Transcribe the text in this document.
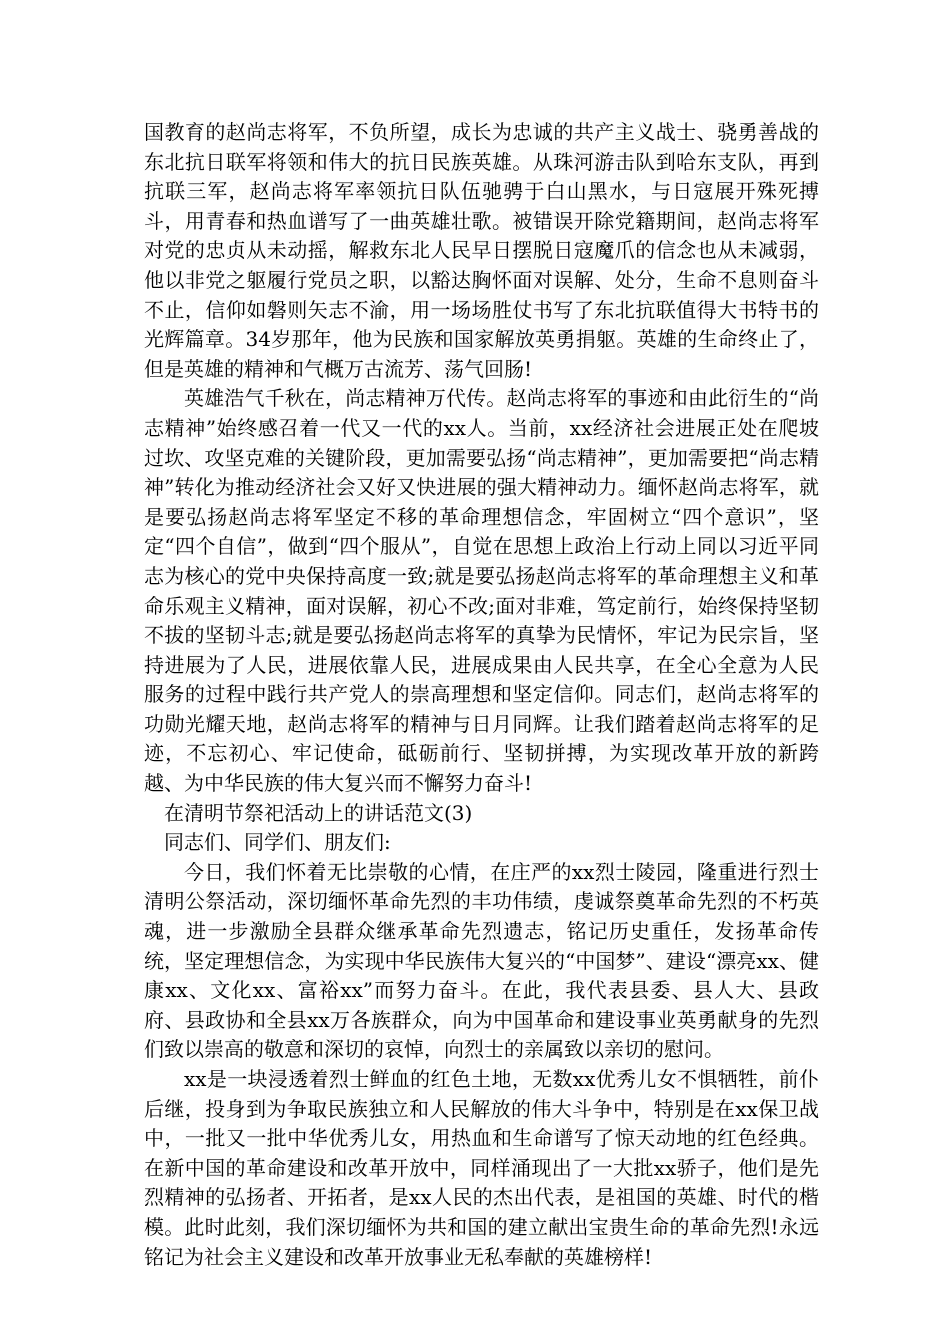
国教育的赵尚志将军，不负所望，成长为忠诚的共产主义战士、骁勇善战的东北抗日联军将领和伟大的抗日民族英雄。从珠河游击队到哈东支队，再到抗联三军，赵尚志将军率领抗日队伍驰骋于白山黑水，与日寇展开殊死搏斗，用青春和热血谱写了一曲英雄壮歌。被错误开除党籍期间，赵尚志将军对党的忠贞从未动摇，解救东北人民早日摆脱日寇魔爪的信念也从未减弱，他以非党之躯履行党员之职，以豁达胸怀面对误解、处分，生命不息则奋斗不止，信仰如磐则矢志不渝，用一场场胜仗书写了东北抗联值得大书特书的光辉篇章。34岁那年，他为民族和国家解放英勇捐躯。英雄的生命终止了，但是英雄的精神和气概万古流芳、荡气回肠!

英雄浩气千秋在，尚志精神万代传。赵尚志将军的事迹和由此衍生的“尚志精神”始终感召着一代又一代的xx人。当前，xx经济社会进展正处在爬坡过坎、攻坚克难的关键阶段，更加需要弘扬“尚志精神”，更加需要把“尚志精神”转化为推动经济社会又好又快进展的强大精神动力。缅怀赵尚志将军，就是要弘扬赵尚志将军坚定不移的革命理想信念，牢固树立“四个意识”，坚定“四个自信”，做到“四个服从”，自觉在思想上政治上行动上同以习近平同志为核心的党中央保持高度一致;就是要弘扬赵尚志将军的革命理想主义和革命乐观主义精神，面对误解，初心不改;面对非难，笃定前行，始终保持坚韧不拔的坚韧斗志;就是要弘扬赵尚志将军的真挚为民情怀，牢记为民宗旨，坚持进展为了人民，进展依靠人民，进展成果由人民共享，在全心全意为人民服务的过程中践行共产党人的崇高理想和坚定信仰。同志们，赵尚志将军的功勋光耀天地，赵尚志将军的精神与日月同辉。让我们踏着赵尚志将军的足迹，不忘初心、牢记使命，砥砺前行、坚韧拼搏，为实现改革开放的新跨越、为中华民族的伟大复兴而不懈努力奋斗!

在清明节祭祀活动上的讲话范文(3)

同志们、同学们、朋友们:

今日，我们怀着无比崇敬的心情，在庄严的xx烈士陵园，隆重进行烈士清明公祭活动，深切缅怀革命先烈的丰功伟绩，虔诚祭奠革命先烈的不朽英魂，进一步激励全县群众继承革命先烈遗志，铭记历史重任，发扬革命传统，坚定理想信念，为实现中华民族伟大复兴的“中国梦”、建设“漂亮xx、健康xx、文化xx、富裕xx”而努力奋斗。在此，我代表县委、县人大、县政府、县政协和全县xx万各族群众，向为中国革命和建设事业英勇献身的先烈们致以崇高的敬意和深切的哀悼，向烈士的亲属致以亲切的慰问。

xx是一块浸透着烈士鲜血的红色土地，无数xx优秀儿女不惧牺牲，前仆后继，投身到为争取民族独立和人民解放的伟大斗争中，特别是在xx保卫战中，一批又一批中华优秀儿女，用热血和生命谱写了惊天动地的红色经典。在新中国的革命建设和改革开放中，同样涌现出了一大批xx骄子，他们是先烈精神的弘扬者、开拓者，是xx人民的杰出代表，是祖国的英雄、时代的楷模。此时此刻，我们深切缅怀为共和国的建立献出宝贵生命的革命先烈!永远铭记为社会主义建设和改革开放事业无私奉献的英雄榜样!
